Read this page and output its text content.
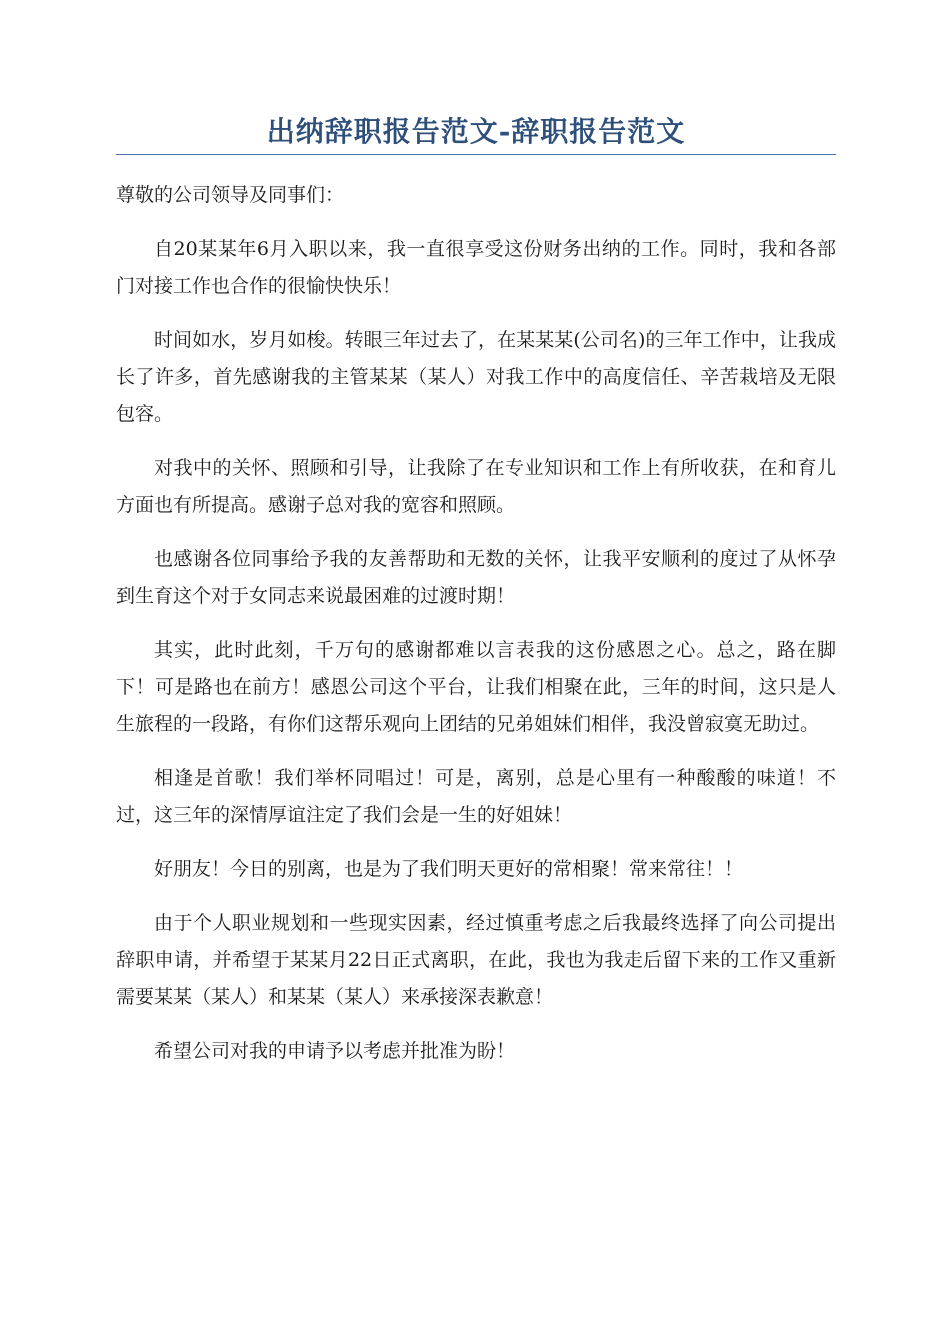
出纳辞职报告范文-辞职报告范文

尊敬的公司领导及同事们：

自20某某年6月入职以来，我一直很享受这份财务出纳的工作。同时，我和各部门对接工作也合作的很愉快快乐！

时间如水，岁月如梭。转眼三年过去了，在某某某(公司名)的三年工作中，让我成长了许多，首先感谢我的主管某某（某人）对我工作中的高度信任、辛苦栽培及无限包容。

对我中的关怀、照顾和引导，让我除了在专业知识和工作上有所收获，在和育儿方面也有所提高。感谢子总对我的宽容和照顾。

也感谢各位同事给予我的友善帮助和无数的关怀，让我平安顺利的度过了从怀孕到生育这个对于女同志来说最困难的过渡时期！

其实，此时此刻，千万句的感谢都难以言表我的这份感恩之心。总之，路在脚下！可是路也在前方！感恩公司这个平台，让我们相聚在此，三年的时间，这只是人生旅程的一段路，有你们这帮乐观向上团结的兄弟姐妹们相伴，我没曾寂寞无助过。

相逢是首歌！我们举杯同唱过！可是，离别，总是心里有一种酸酸的味道！不过，这三年的深情厚谊注定了我们会是一生的好姐妹！

好朋友！今日的别离，也是为了我们明天更好的常相聚！常来常往！！

由于个人职业规划和一些现实因素，经过慎重考虑之后我最终选择了向公司提出辞职申请，并希望于某某月22日正式离职，在此，我也为我走后留下来的工作又重新需要某某（某人）和某某（某人）来承接深表歉意！

希望公司对我的申请予以考虑并批准为盼！
